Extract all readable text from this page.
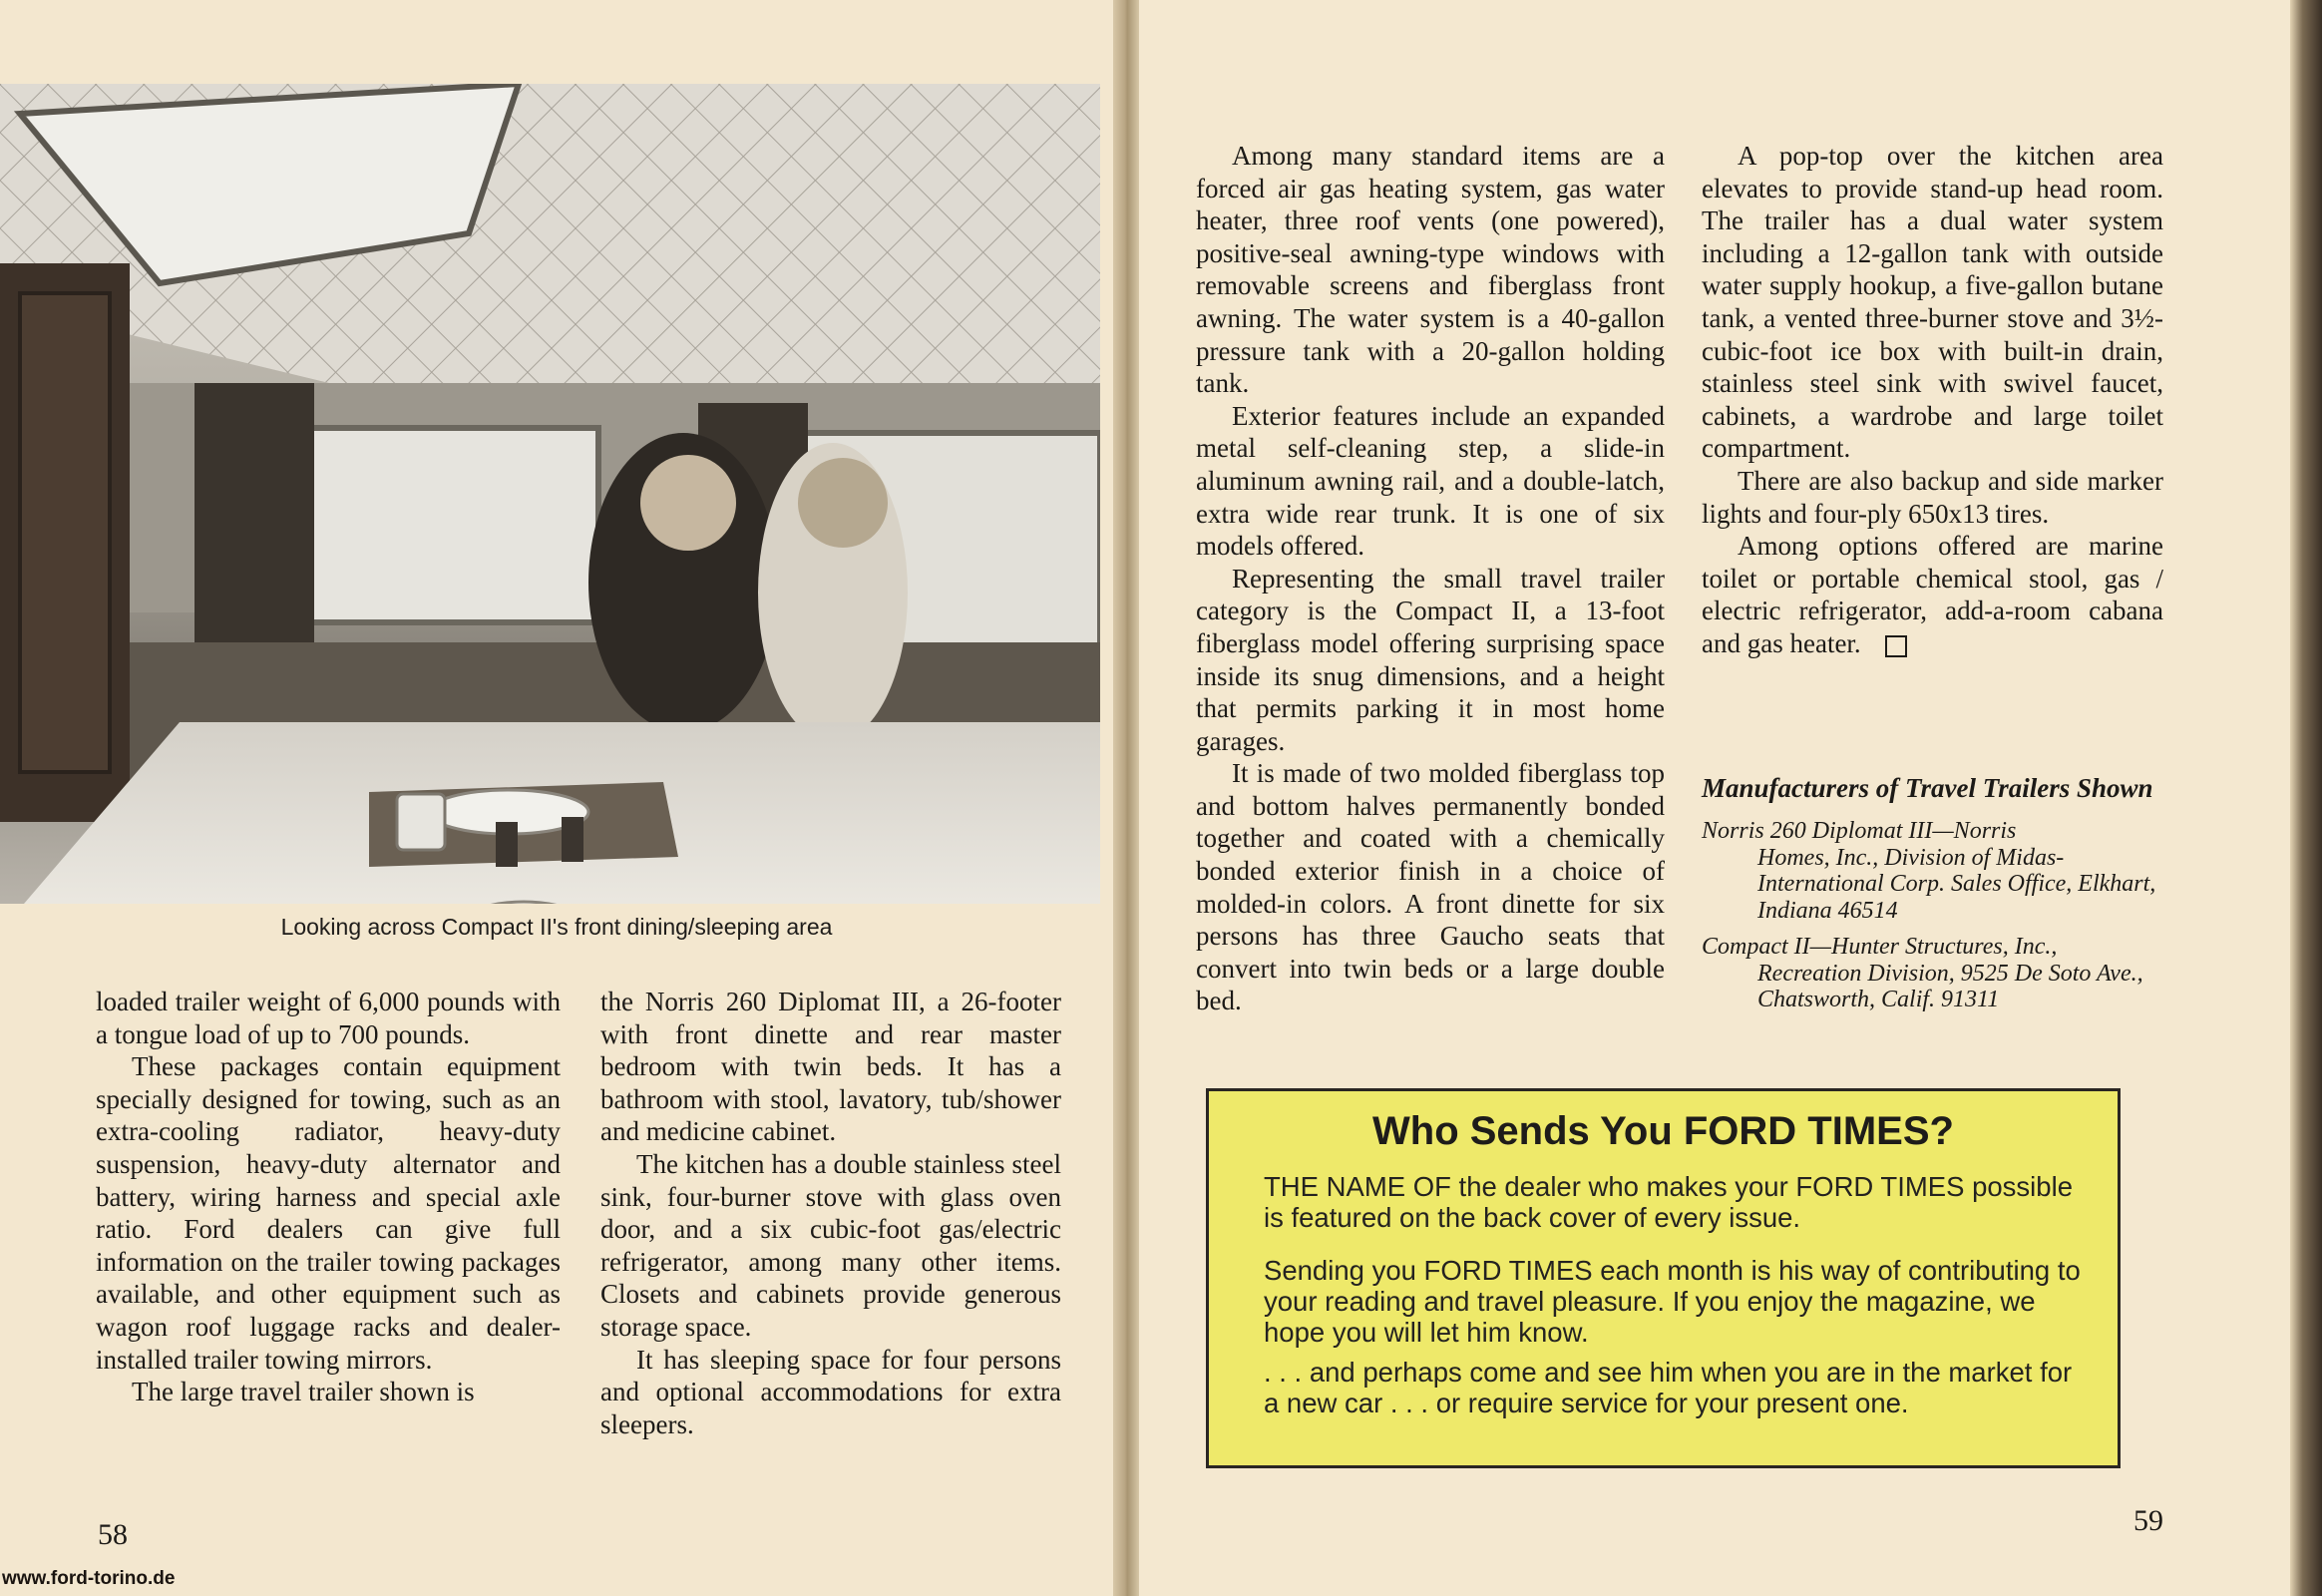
Looking across Compact II's front dining/sleeping area

loaded trailer weight of 6,000 pounds with a tongue load of up to 700 pounds.

These packages contain equipment specially designed for towing, such as an extra-cooling radiator, heavy-duty suspension, heavy-duty alternator and battery, wiring harness and special axle ratio. Ford dealers can give full information on the trailer towing packages available, and other equipment such as wagon roof luggage racks and dealer-installed trailer towing mirrors.

The large travel trailer shown is

the Norris 260 Diplomat III, a 26-footer with front dinette and rear master bedroom with twin beds. It has a bathroom with stool, lavatory, tub/shower and medicine cabinet.

The kitchen has a double stainless steel sink, four-burner stove with glass oven door, and a six cubic-foot gas/electric refrigerator, among many other items. Closets and cabinets provide generous storage space.

It has sleeping space for four persons and optional accommodations for extra sleepers.

58
www.ford-torino.de

Among many standard items are a forced air gas heating system, gas water heater, three roof vents (one powered), positive-seal awning-type windows with removable screens and fiberglass front awning. The water system is a 40-gallon pressure tank with a 20-gallon holding tank.

Exterior features include an expanded metal self-cleaning step, a slide-in aluminum awning rail, and a double-latch, extra wide rear trunk. It is one of six models offered.

Representing the small travel trailer category is the Compact II, a 13-foot fiberglass model offering surprising space inside its snug dimensions, and a height that permits parking it in most home garages.

It is made of two molded fiberglass top and bottom halves permanently bonded together and coated with a chemically bonded exterior finish in a choice of molded-in colors. A front dinette for six persons has three Gaucho seats that convert into twin beds or a large double bed.

A pop-top over the kitchen area elevates to provide stand-up head room. The trailer has a dual water system including a 12-gallon tank with outside water supply hookup, a five-gallon butane tank, a vented three-burner stove and 3½-cubic-foot ice box with built-in drain, stainless steel sink with swivel faucet, cabinets, a wardrobe and large toilet compartment.

There are also backup and side marker lights and four-ply 650x13 tires.

Among options offered are marine toilet or portable chemical stool, gas / electric refrigerator, add-a-room cabana and gas heater.

Manufacturers of Travel Trailers Shown
Norris 260 Diplomat III—Norris
Homes, Inc., Division of Midas-International Corp. Sales Office, Elkhart, Indiana 46514
Compact II—Hunter Structures, Inc.,
Recreation Division, 9525 De Soto Ave., Chatsworth, Calif. 91311
Who Sends You FORD TIMES?
THE NAME OF the dealer who makes your FORD TIMES possible is featured on the back cover of every issue.
Sending you FORD TIMES each month is his way of contributing to your reading and travel pleasure. If you enjoy the magazine, we hope you will let him know.
. . . and perhaps come and see him when you are in the market for a new car . . . or require service for your present one.
59
